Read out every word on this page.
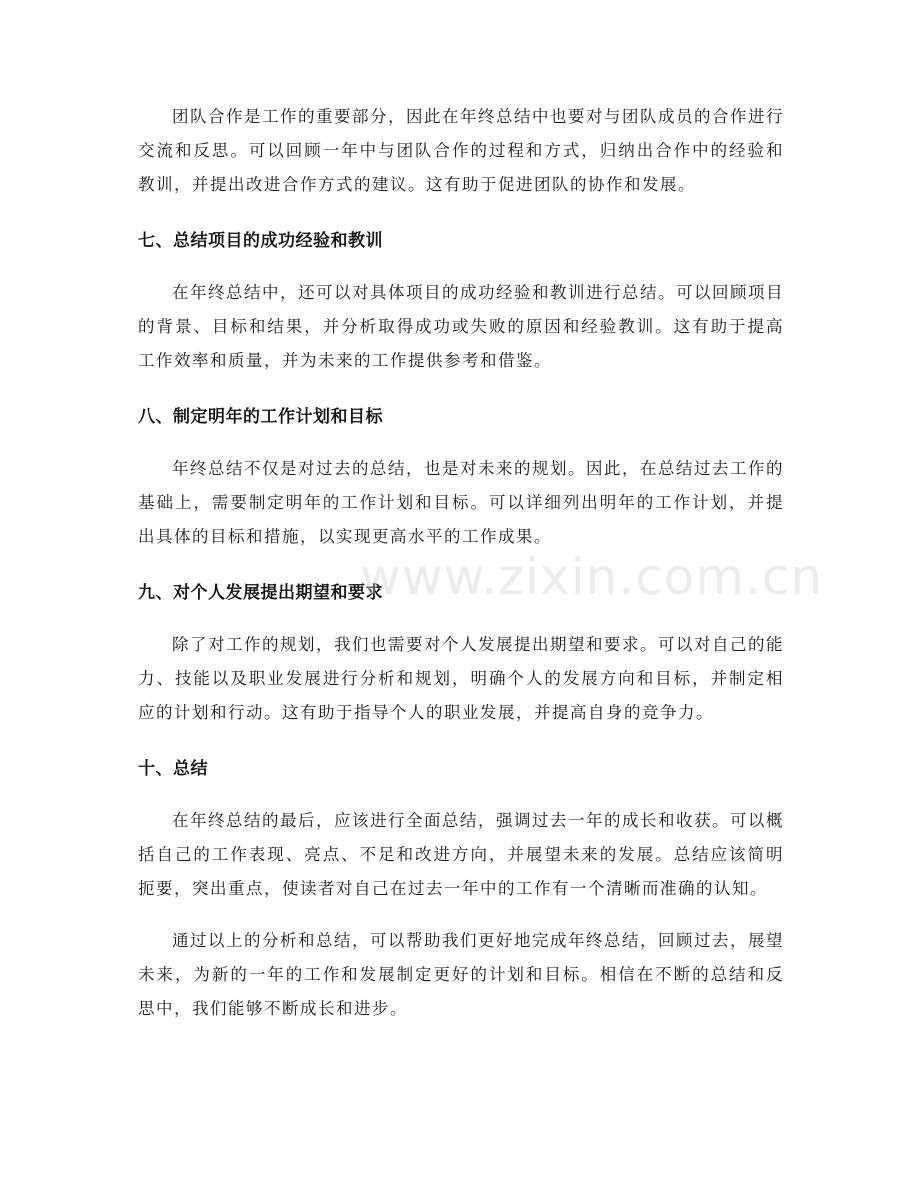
团队合作是工作的重要部分，因此在年终总结中也要对与团队成员的合作进行交流和反思。可以回顾一年中与团队合作的过程和方式，归纳出合作中的经验和教训，并提出改进合作方式的建议。这有助于促进团队的协作和发展。

七、总结项目的成功经验和教训

在年终总结中，还可以对具体项目的成功经验和教训进行总结。可以回顾项目的背景、目标和结果，并分析取得成功或失败的原因和经验教训。这有助于提高工作效率和质量，并为未来的工作提供参考和借鉴。

八、制定明年的工作计划和目标

年终总结不仅是对过去的总结，也是对未来的规划。因此，在总结过去工作的基础上，需要制定明年的工作计划和目标。可以详细列出明年的工作计划，并提出具体的目标和措施，以实现更高水平的工作成果。

九、对个人发展提出期望和要求

除了对工作的规划，我们也需要对个人发展提出期望和要求。可以对自己的能力、技能以及职业发展进行分析和规划，明确个人的发展方向和目标，并制定相应的计划和行动。这有助于指导个人的职业发展，并提高自身的竞争力。

十、总结

在年终总结的最后，应该进行全面总结，强调过去一年的成长和收获。可以概括自己的工作表现、亮点、不足和改进方向，并展望未来的发展。总结应该简明扼要，突出重点，使读者对自己在过去一年中的工作有一个清晰而准确的认知。

通过以上的分析和总结，可以帮助我们更好地完成年终总结，回顾过去，展望未来，为新的一年的工作和发展制定更好的计划和目标。相信在不断的总结和反思中，我们能够不断成长和进步。

www.zixin.com.cn
